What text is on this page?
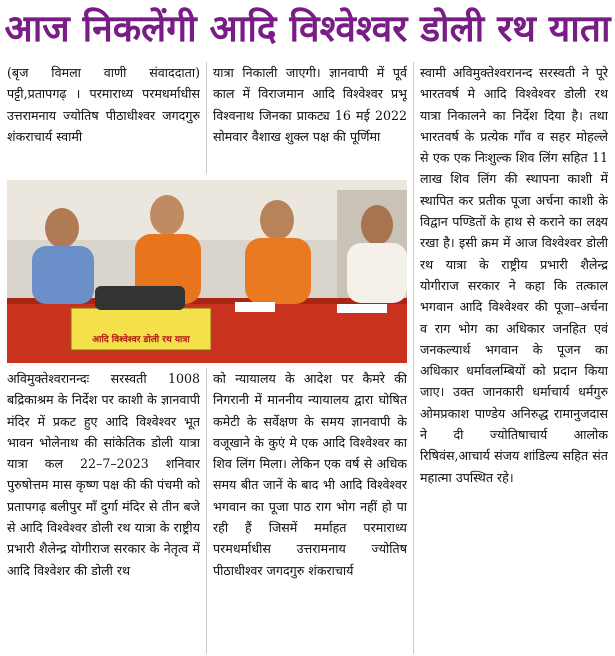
आज निकलेंगी आदि विश्वेश्वर डोली रथ याता

(बृज विमला वाणी संवाददाता) पट्टी,प्रतापगढ़ । परमाराध्य परमधर्माधीस उत्तरामनाय ज्योतिष पीठाधीश्वर जगदगुरु शंकराचार्य स्वामी

यात्रा निकाली जाएगी। ज्ञानवापी में पूर्व काल में विराजमान आदि विश्वेश्वर प्रभू विश्वनाथ जिनका प्राकट्य 16 मई 2022 सोमवार वैशाख शुक्ल पक्ष की पूर्णिमा

आदि विश्वेश्वर डोली रथ यात्रा

अविमुक्तेश्वरानन्दः सरस्वती 1008 बद्रिकाश्रम के निर्देश पर काशी के ज्ञानवापी मंदिर में प्रकट हुए आदि विश्वेश्वर भूत भावन भोलेनाथ की सांकेतिक डोली यात्रा यात्रा कल 22–7–2023 शनिवार पुरुषोत्तम मास कृष्ण पक्ष की की पंचमी को प्रतापगढ़ बलीपुर माँ दुर्गा मंदिर से तीन बजे से आदि विश्वेश्वर डोली रथ यात्रा के राष्ट्रीय प्रभारी शैलेन्द्र योगीराज सरकार के नेतृत्व में आदि विश्वेशर की डोली रथ

को न्यायालय के आदेश पर कैमरे की निगरानी में माननीय न्यायालय द्वारा घोषित कमेटी के सर्वेक्षण के समय ज्ञानवापी के वजूखाने के कुएं मे एक आदि विश्वेश्वर का शिव लिंग मिला। लेकिन एक वर्ष से अधिक समय बीत जानें के बाद भी आदि विश्वेश्वर भगवान का पूजा पाठ राग भोग नहीं हो पा रही हैं जिसमें मर्माहत परमाराध्य परमधर्माधीस उत्तरामनाय ज्योतिष पीठाधीश्वर जगदगुरु शंकराचार्य

स्वामी अविमुक्तेश्वरानन्द सरस्वती ने पूरे भारतवर्ष मे आदि विश्वेश्वर डोली रथ यात्रा निकालने का निर्देश दिया है। तथा भारतवर्ष के प्रत्येक गाँव व सहर मोहल्ले से एक एक निःशुल्क शिव लिंग सहित 11 लाख शिव लिंग की स्थापना काशी में स्थापित कर प्रतीक पूजा अर्चना काशी के विद्वान पण्डितों के हाथ से कराने का लक्ष्य रखा है। इसी क्रम में आज विश्वेश्वर डोली रथ यात्रा के राष्ट्रीय प्रभारी शैलेन्द्र योगीराज सरकार ने कहा कि तत्काल भगवान आदि विश्वेश्वर की पूजा–अर्चना व राग भोग का अधिकार जनहित एवं जनकल्यार्थ भगवान के पूजन का अधिकार धर्मावलम्बियों को प्रदान किया जाए। उक्त जानकारी धर्माचार्य धर्मगुरु ओमप्रकाश पाण्डेय अनिरुद्ध रामानुजदास ने दी ज्योतिषाचार्य आलोक रिषिवंस,आचार्य संजय शांडिल्य सहित संत महात्मा उपस्थित रहे।
